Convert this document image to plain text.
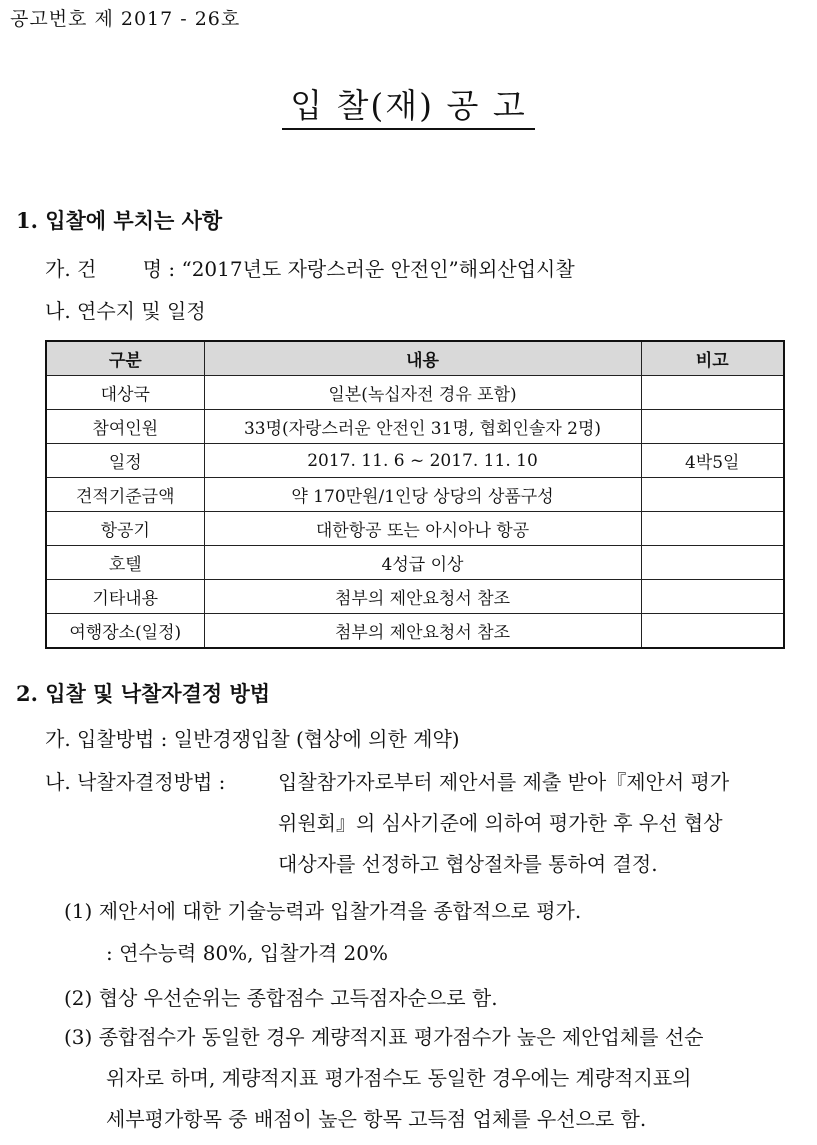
공고번호 제 2017 - 26호
입 찰(재) 공 고
1. 입찰에 부치는 사항
가. 건　 　명 : “2017년도 자랑스러운 안전인”해외산업시찰
나. 연수지 및 일정
구분	내용	비고
대상국	일본(녹십자전 경유 포함)	
참여인원	33명(자랑스러운 안전인 31명, 협회인솔자 2명)	
일정	2017. 11. 6 ~ 2017. 11. 10	4박5일
견적기준금액	약 170만원/1인당 상당의 상품구성	
항공기	대한항공 또는 아시아나 항공	
호텔	4성급 이상	
기타내용	첨부의 제안요청서 참조	
여행장소(일정)	첨부의 제안요청서 참조	
2. 입찰 및 낙찰자결정 방법
가. 입찰방법 : 일반경쟁입찰 (협상에 의한 계약)
나. 낙찰자결정방법 :	입찰참가자로부터 제안서를 제출 받아『제안서 평가
위원회』의 심사기준에 의하여 평가한 후 우선 협상
대상자를 선정하고 협상절차를 통하여 결정.
(1) 제안서에 대한 기술능력과 입찰가격을 종합적으로 평가.
: 연수능력 80%, 입찰가격 20%
(2) 협상 우선순위는 종합점수 고득점자순으로 함.
(3) 종합점수가 동일한 경우 계량적지표 평가점수가 높은 제안업체를 선순
위자로 하며, 계량적지표 평가점수도 동일한 경우에는 계량적지표의
세부평가항목 중 배점이 높은 항목 고득점 업체를 우선으로 함.
